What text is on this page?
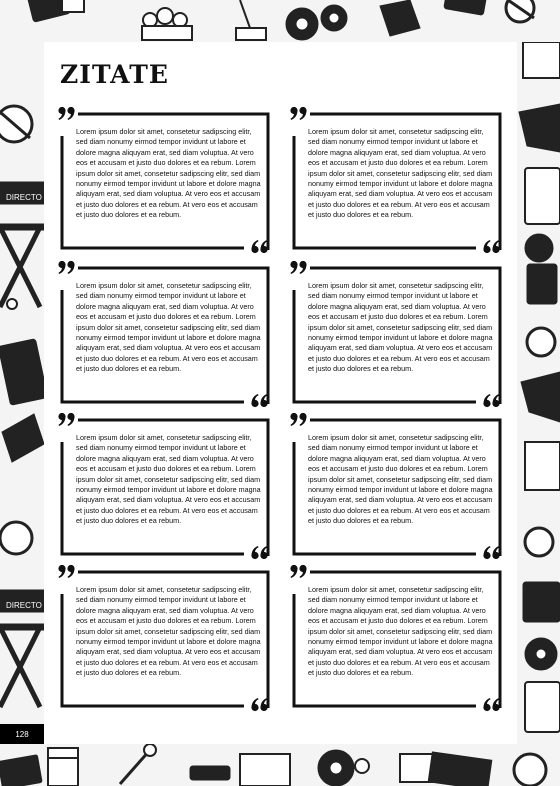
DIRECTO
DIRECTO
ZITATE

Lorem ipsum dolor sit amet, consetetur sadipscing elitr, sed diam nonumy eirmod tempor invidunt ut labore et dolore magna aliquyam erat, sed diam voluptua. At vero eos et accusam et justo duo dolores et ea rebum. Lorem ipsum dolor sit amet, consetetur sadipscing elitr, sed diam nonumy eirmod tempor invidunt ut labore et dolore magna aliquyam erat, sed diam voluptua. At vero eos et accusam et justo duo dolores et ea rebum. At vero eos et accusam et justo duo dolores et ea rebum.

Lorem ipsum dolor sit amet, consetetur sadipscing elitr, sed diam nonumy eirmod tempor invidunt ut labore et dolore magna aliquyam erat, sed diam voluptua. At vero eos et accusam et justo duo dolores et ea rebum. Lorem ipsum dolor sit amet, consetetur sadipscing elitr, sed diam nonumy eirmod tempor invidunt ut labore et dolore magna aliquyam erat, sed diam voluptua. At vero eos et accusam et justo duo dolores et ea rebum. At vero eos et accusam et justo duo dolores et ea rebum.

Lorem ipsum dolor sit amet, consetetur sadipscing elitr, sed diam nonumy eirmod tempor invidunt ut labore et dolore magna aliquyam erat, sed diam voluptua. At vero eos et accusam et justo duo dolores et ea rebum. Lorem ipsum dolor sit amet, consetetur sadipscing elitr, sed diam nonumy eirmod tempor invidunt ut labore et dolore magna aliquyam erat, sed diam voluptua. At vero eos et accusam et justo duo dolores et ea rebum. At vero eos et accusam et justo duo dolores et ea rebum.

Lorem ipsum dolor sit amet, consetetur sadipscing elitr, sed diam nonumy eirmod tempor invidunt ut labore et dolore magna aliquyam erat, sed diam voluptua. At vero eos et accusam et justo duo dolores et ea rebum. Lorem ipsum dolor sit amet, consetetur sadipscing elitr, sed diam nonumy eirmod tempor invidunt ut labore et dolore magna aliquyam erat, sed diam voluptua. At vero eos et accusam et justo duo dolores et ea rebum. At vero eos et accusam et justo duo dolores et ea rebum.

Lorem ipsum dolor sit amet, consetetur sadipscing elitr, sed diam nonumy eirmod tempor invidunt ut labore et dolore magna aliquyam erat, sed diam voluptua. At vero eos et accusam et justo duo dolores et ea rebum. Lorem ipsum dolor sit amet, consetetur sadipscing elitr, sed diam nonumy eirmod tempor invidunt ut labore et dolore magna aliquyam erat, sed diam voluptua. At vero eos et accusam et justo duo dolores et ea rebum. At vero eos et accusam et justo duo dolores et ea rebum.

Lorem ipsum dolor sit amet, consetetur sadipscing elitr, sed diam nonumy eirmod tempor invidunt ut labore et dolore magna aliquyam erat, sed diam voluptua. At vero eos et accusam et justo duo dolores et ea rebum. Lorem ipsum dolor sit amet, consetetur sadipscing elitr, sed diam nonumy eirmod tempor invidunt ut labore et dolore magna aliquyam erat, sed diam voluptua. At vero eos et accusam et justo duo dolores et ea rebum. At vero eos et accusam et justo duo dolores et ea rebum.

Lorem ipsum dolor sit amet, consetetur sadipscing elitr, sed diam nonumy eirmod tempor invidunt ut labore et dolore magna aliquyam erat, sed diam voluptua. At vero eos et accusam et justo duo dolores et ea rebum. Lorem ipsum dolor sit amet, consetetur sadipscing elitr, sed diam nonumy eirmod tempor invidunt ut labore et dolore magna aliquyam erat, sed diam voluptua. At vero eos et accusam et justo duo dolores et ea rebum. At vero eos et accusam et justo duo dolores et ea rebum.

Lorem ipsum dolor sit amet, consetetur sadipscing elitr, sed diam nonumy eirmod tempor invidunt ut labore et dolore magna aliquyam erat, sed diam voluptua. At vero eos et accusam et justo duo dolores et ea rebum. Lorem ipsum dolor sit amet, consetetur sadipscing elitr, sed diam nonumy eirmod tempor invidunt ut labore et dolore magna aliquyam erat, sed diam voluptua. At vero eos et accusam et justo duo dolores et ea rebum. At vero eos et accusam et justo duo dolores et ea rebum.

128
